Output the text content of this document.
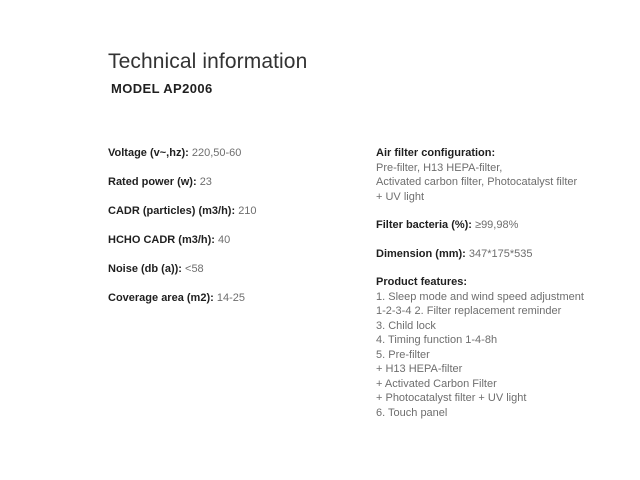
Technical information
MODEL AP2006
Voltage (v~,hz): 220,50-60
Rated power (w): 23
CADR (particles) (m3/h): 210
HCHO CADR (m3/h): 40
Noise (db (a)): <58
Coverage area (m2): 14-25
Air filter configuration:
Pre-filter, H13 HEPA-filter,
Activated carbon filter, Photocatalyst filter
+ UV light
Filter bacteria (%): ≥99,98%
Dimension (mm): 347*175*535
Product features:
1. Sleep mode and wind speed adjustment
1-2-3-4 2. Filter replacement reminder
3. Child lock
4. Timing function 1-4-8h
5. Pre-filter
+ H13 HEPA-filter
+ Activated Carbon Filter
+ Photocatalyst filter + UV light
6. Touch panel
